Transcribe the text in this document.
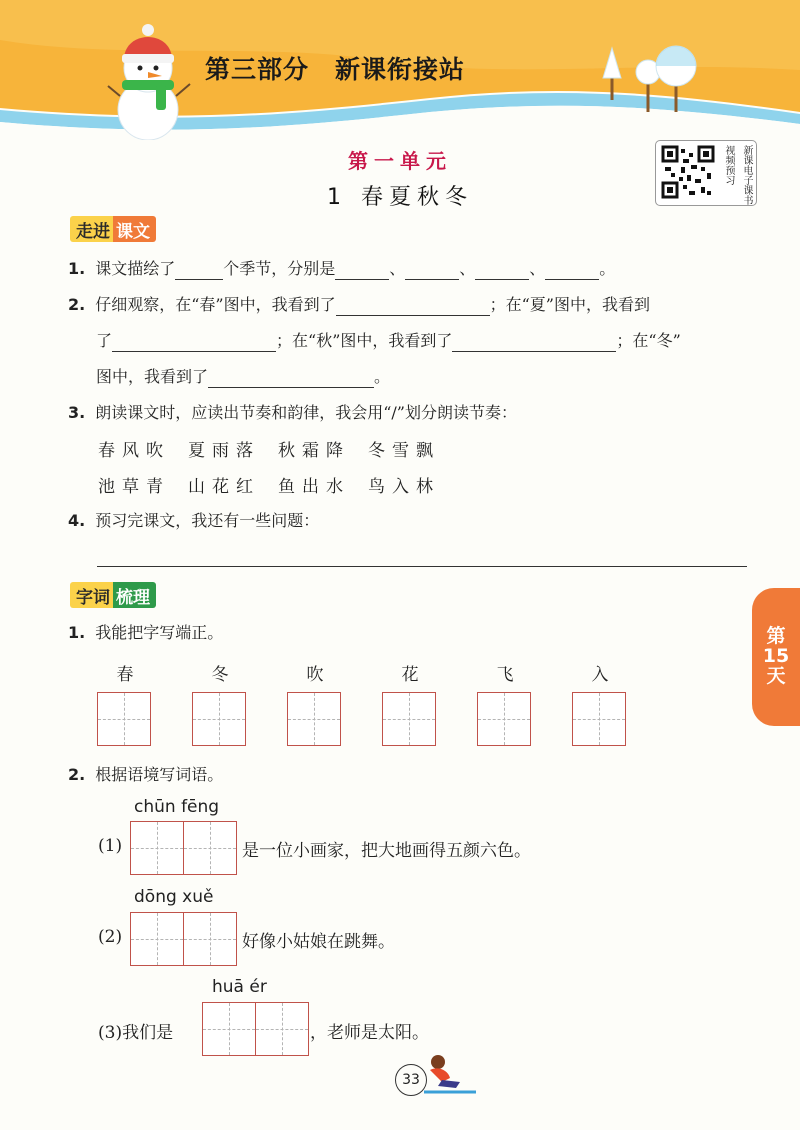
第三部分 新课衔接站
第一单元
1 春夏秋冬	新课电子课书
视频预习
走进 课文
1. 课文描绘了	个季节，分别是	、	、	、	。
2. 仔细观察，在“春”图中，我看到了	；在“夏”图中，我看到
了	；在“秋”图中，我看到了	；在“冬”
图中，我看到了	。
3. 朗读课文时，应读出节奏和韵律，我会用“/”划分朗读节奏：
春风吹 夏雨落 秋霜降 冬雪飘
池草青 山花红 鱼出水 鸟入林
4. 预习完课文，我还有一些问题：
字词 梳理
1. 我能把字写端正。
春	冬	吹	花	飞	入
2. 根据语境写词语。
chūn fēng
(1)	是一位小画家，把大地画得五颜六色。
dōng xuě
(2)	好像小姑娘在跳舞。
huā ér
(3)我们是	，老师是太阳。
第
15
天
33
